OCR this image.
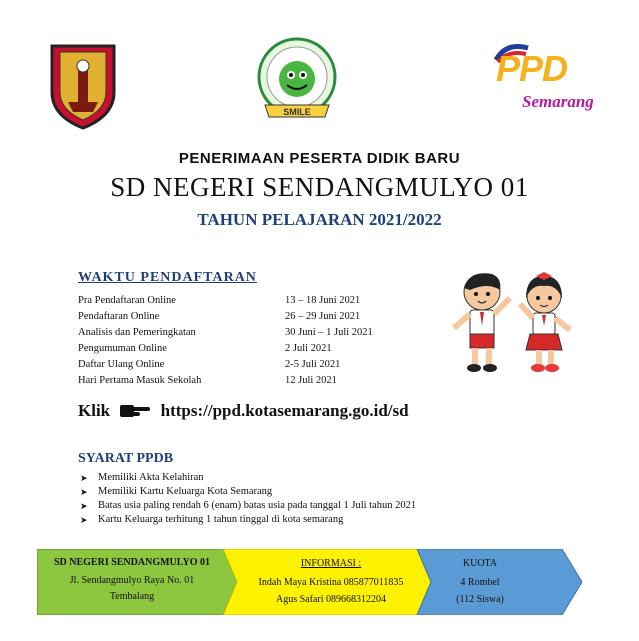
SMILE
PPD
Semarang
PENERIMAAN PESERTA DIDIK BARU
SD NEGERI SENDANGMULYO 01
TAHUN PELAJARAN 2021/2022
WAKTU PENDAFTARAN
Pra Pendaftaran Online	13 – 18 Juni 2021
Pendaftaran Online	26 – 29 Juni 2021
Analisis dan Pemeringkatan	30 Juni – 1 Juli 2021
Pengumuman Online	2 Juli 2021
Daftar Ulang Online	2-5 Juli 2021
Hari Pertama Masuk Sekolah	12 Juli 2021
Klik	https://ppd.kotasemarang.go.id/sd
SYARAT PPDB
➤ Memiliki Akta Kelahiran
➤ Memiliki Kartu Keluarga Kota Semarang
➤ Batas usia paling rendah 6 (enam) batas usia pada tanggal 1 Juli tahun 2021
➤ Kartu Keluarga terhitung 1 tahun tinggal di kota semarang
SD NEGERI SENDANGMULYO 01
Jl. Sendangmulyo Raya No. 01
Tembalang
INFORMASI :
Indah Maya Kristina 085877011835
Agus Safari 089668312204
KUOTA
4 Rombel
(112 Siswa)
